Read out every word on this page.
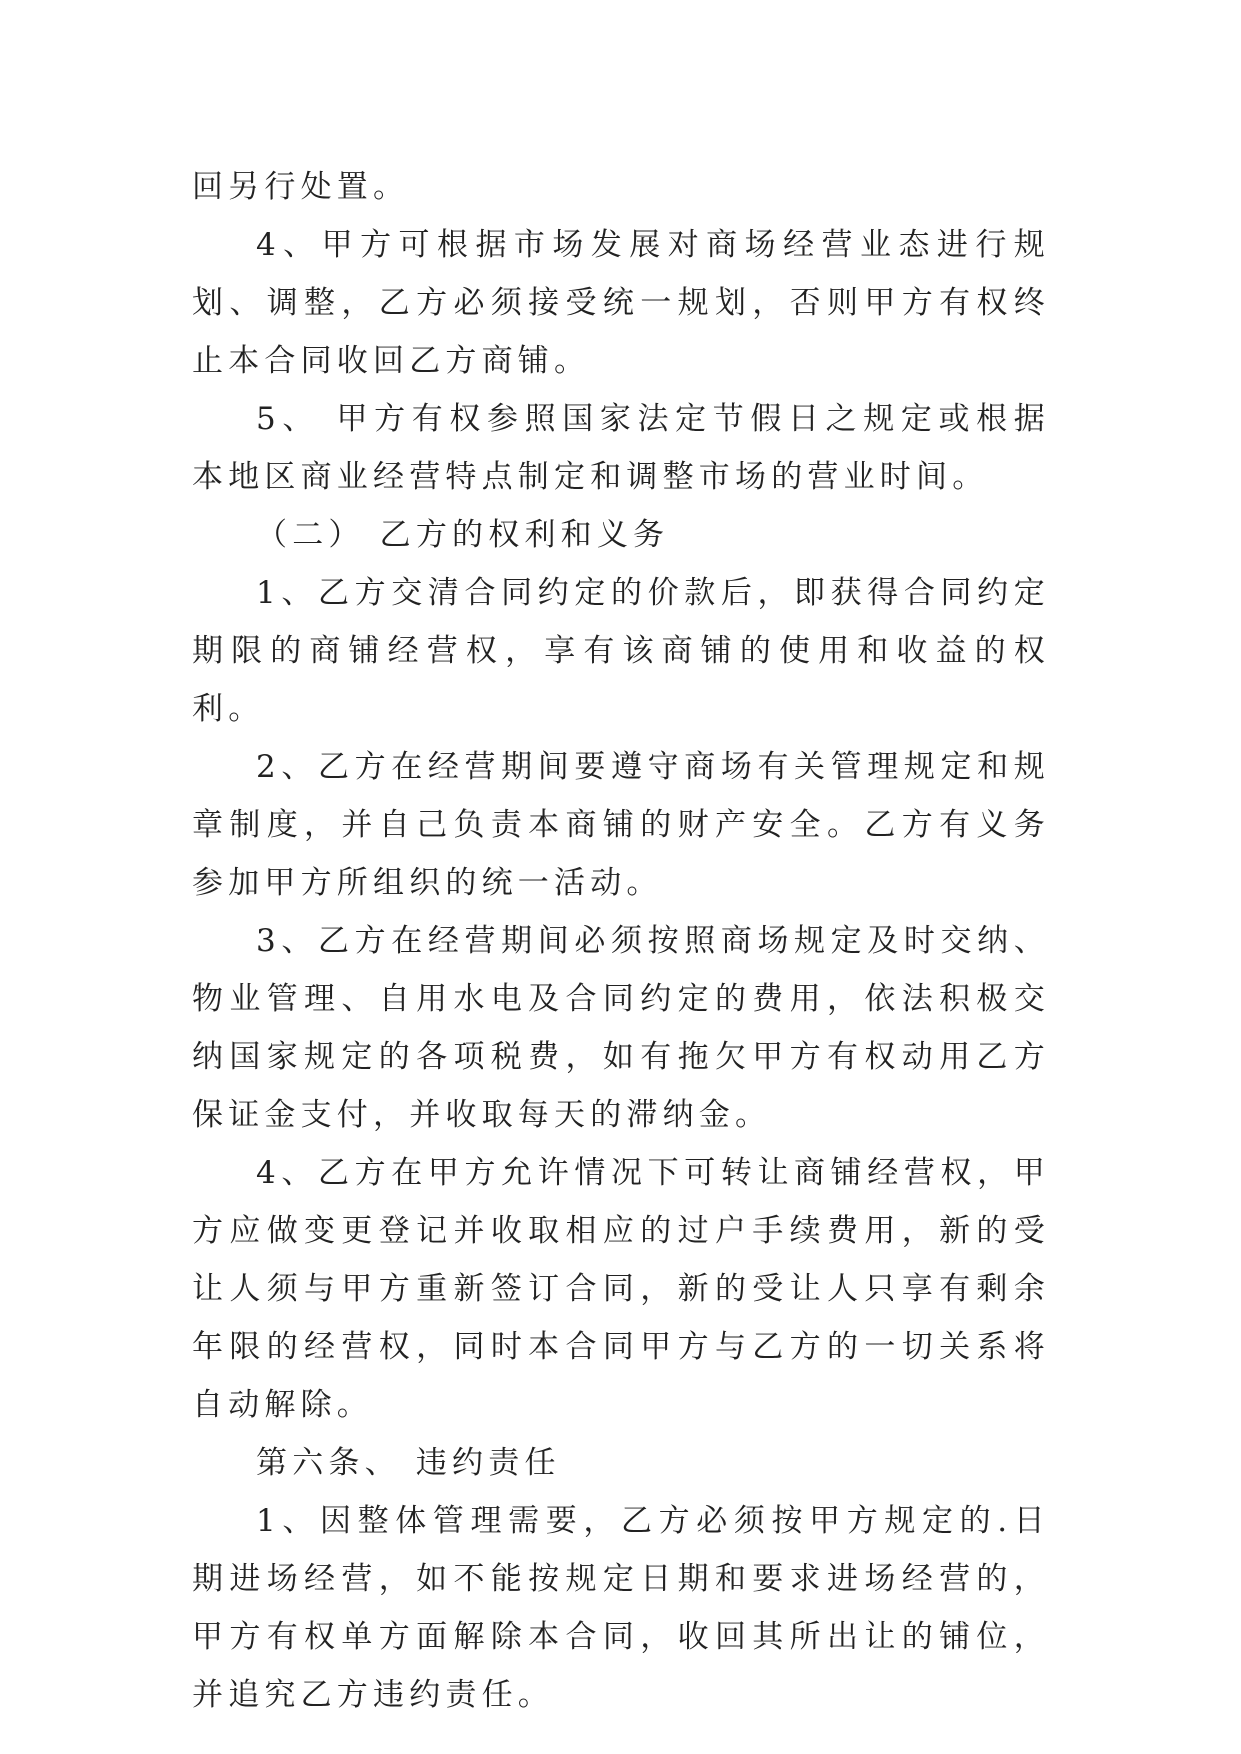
回另行处置。

4、甲方可根据市场发展对商场经营业态进行规划、调整，乙方必须接受统一规划，否则甲方有权终止本合同收回乙方商铺。

5、 甲方有权参照国家法定节假日之规定或根据本地区商业经营特点制定和调整市场的营业时间。

（二） 乙方的权利和义务

1、乙方交清合同约定的价款后，即获得合同约定期限的商铺经营权，享有该商铺的使用和收益的权利。

2、乙方在经营期间要遵守商场有关管理规定和规章制度，并自己负责本商铺的财产安全。乙方有义务参加甲方所组织的统一活动。

3、乙方在经营期间必须按照商场规定及时交纳、物业管理、自用水电及合同约定的费用，依法积极交纳国家规定的各项税费，如有拖欠甲方有权动用乙方保证金支付，并收取每天的滞纳金。

4、乙方在甲方允许情况下可转让商铺经营权，甲方应做变更登记并收取相应的过户手续费用，新的受让人须与甲方重新签订合同，新的受让人只享有剩余年限的经营权，同时本合同甲方与乙方的一切关系将自动解除。

第六条、 违约责任

1、因整体管理需要，乙方必须按甲方规定的.日期进场经营，如不能按规定日期和要求进场经营的，甲方有权单方面解除本合同，收回其所出让的铺位，并追究乙方违约责任。
